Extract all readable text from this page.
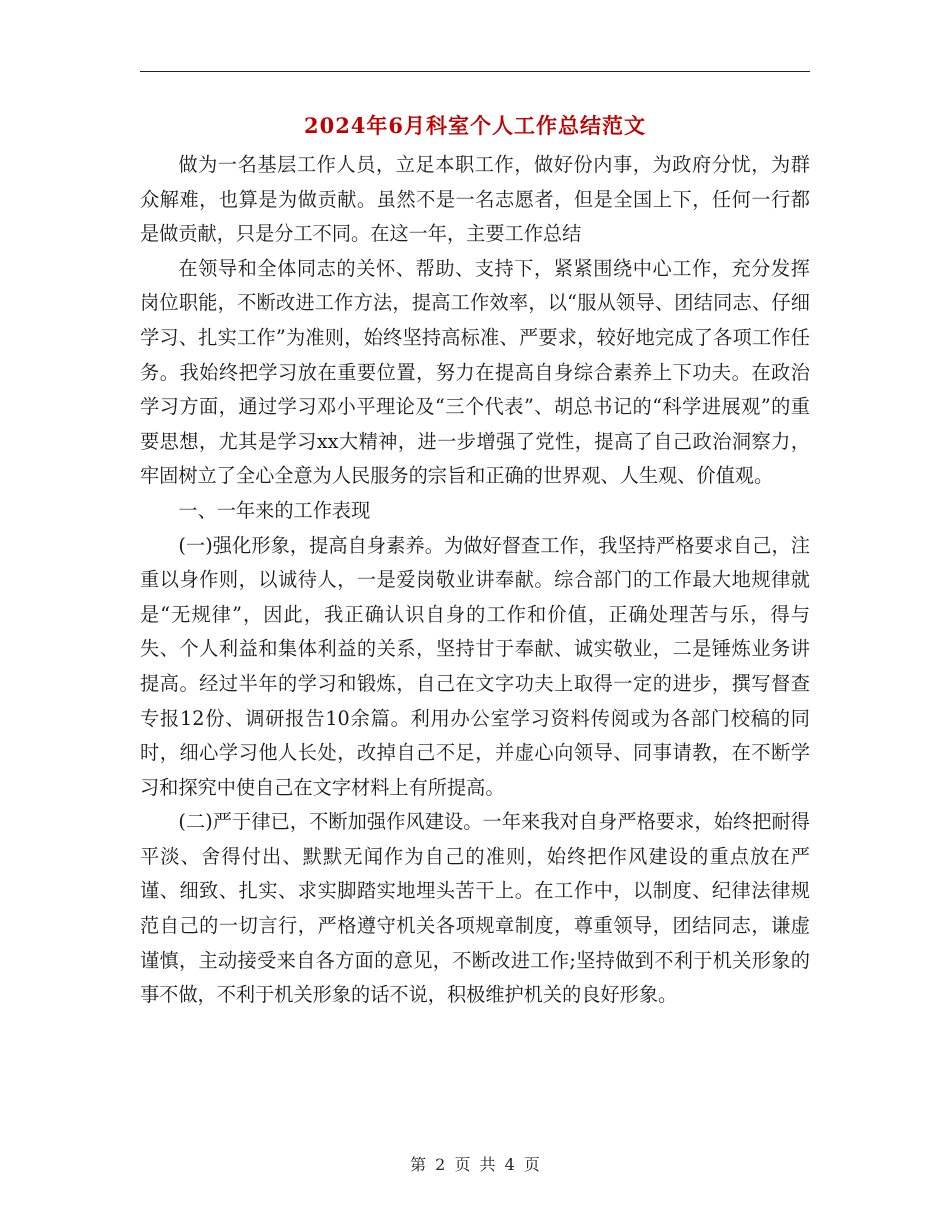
2024年6月科室个人工作总结范文

做为一名基层工作人员，立足本职工作，做好份内事，为政府分忧，为群众解难，也算是为做贡献。虽然不是一名志愿者，但是全国上下，任何一行都是做贡献，只是分工不同。在这一年，主要工作总结

在领导和全体同志的关怀、帮助、支持下，紧紧围绕中心工作，充分发挥岗位职能，不断改进工作方法，提高工作效率，以“服从领导、团结同志、仔细学习、扎实工作”为准则，始终坚持高标准、严要求，较好地完成了各项工作任务。我始终把学习放在重要位置，努力在提高自身综合素养上下功夫。在政治学习方面，通过学习邓小平理论及“三个代表”、胡总书记的“科学进展观”的重要思想，尤其是学习xx大精神，进一步增强了党性，提高了自己政治洞察力，牢固树立了全心全意为人民服务的宗旨和正确的世界观、人生观、价值观。

一、一年来的工作表现

(一)强化形象，提高自身素养。为做好督查工作，我坚持严格要求自己，注重以身作则，以诚待人，一是爱岗敬业讲奉献。综合部门的工作最大地规律就是“无规律”，因此，我正确认识自身的工作和价值，正确处理苦与乐，得与失、个人利益和集体利益的关系，坚持甘于奉献、诚实敬业，二是锤炼业务讲提高。经过半年的学习和锻炼，自己在文字功夫上取得一定的进步，撰写督查专报12份、调研报告10余篇。利用办公室学习资料传阅或为各部门校稿的同时，细心学习他人长处，改掉自己不足，并虚心向领导、同事请教，在不断学习和探究中使自己在文字材料上有所提高。

(二)严于律已，不断加强作风建设。一年来我对自身严格要求，始终把耐得平淡、舍得付出、默默无闻作为自己的准则，始终把作风建设的重点放在严谨、细致、扎实、求实脚踏实地埋头苦干上。在工作中，以制度、纪律法律规范自己的一切言行，严格遵守机关各项规章制度，尊重领导，团结同志，谦虚谨慎，主动接受来自各方面的意见，不断改进工作;坚持做到不利于机关形象的事不做，不利于机关形象的话不说，积极维护机关的良好形象。

第 2 页 共 4 页
